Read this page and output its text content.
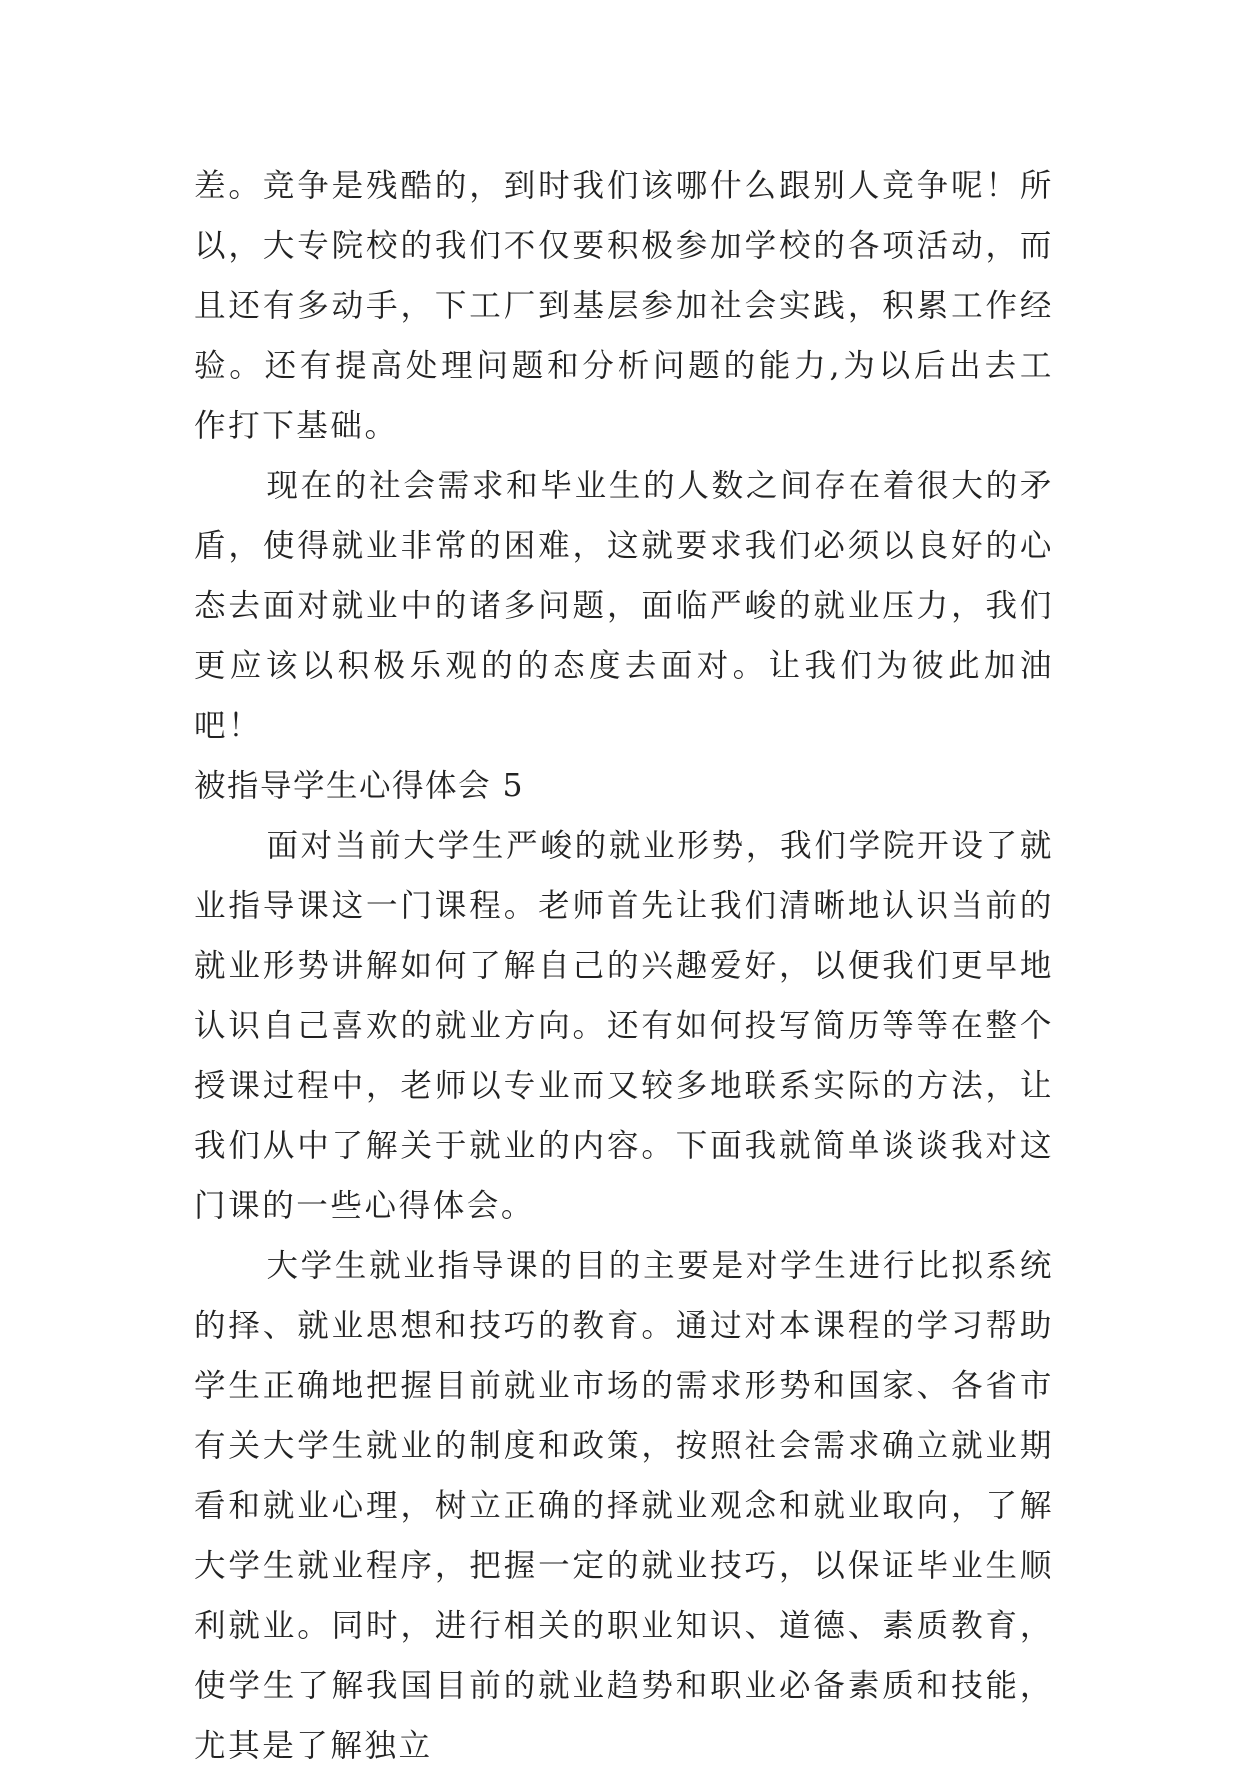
差。竞争是残酷的，到时我们该哪什么跟别人竞争呢！所以，大专院校的我们不仅要积极参加学校的各项活动，而且还有多动手，下工厂到基层参加社会实践，积累工作经验。还有提高处理问题和分析问题的能力,为以后出去工作打下基础。

现在的社会需求和毕业生的人数之间存在着很大的矛盾，使得就业非常的困难，这就要求我们必须以良好的心态去面对就业中的诸多问题，面临严峻的就业压力，我们更应该以积极乐观的的态度去面对。让我们为彼此加油吧！

被指导学生心得体会 5

面对当前大学生严峻的就业形势，我们学院开设了就业指导课这一门课程。老师首先让我们清晰地认识当前的就业形势讲解如何了解自己的兴趣爱好，以便我们更早地认识自己喜欢的就业方向。还有如何投写简历等等在整个授课过程中，老师以专业而又较多地联系实际的方法，让我们从中了解关于就业的内容。下面我就简单谈谈我对这门课的一些心得体会。

大学生就业指导课的目的主要是对学生进行比拟系统的择、就业思想和技巧的教育。通过对本课程的学习帮助学生正确地把握目前就业市场的需求形势和国家、各省市有关大学生就业的制度和政策，按照社会需求确立就业期看和就业心理，树立正确的择就业观念和就业取向，了解大学生就业程序，把握一定的就业技巧，以保证毕业生顺利就业。同时，进行相关的职业知识、道德、素质教育，使学生了解我国目前的就业趋势和职业必备素质和技能，尤其是了解独立
